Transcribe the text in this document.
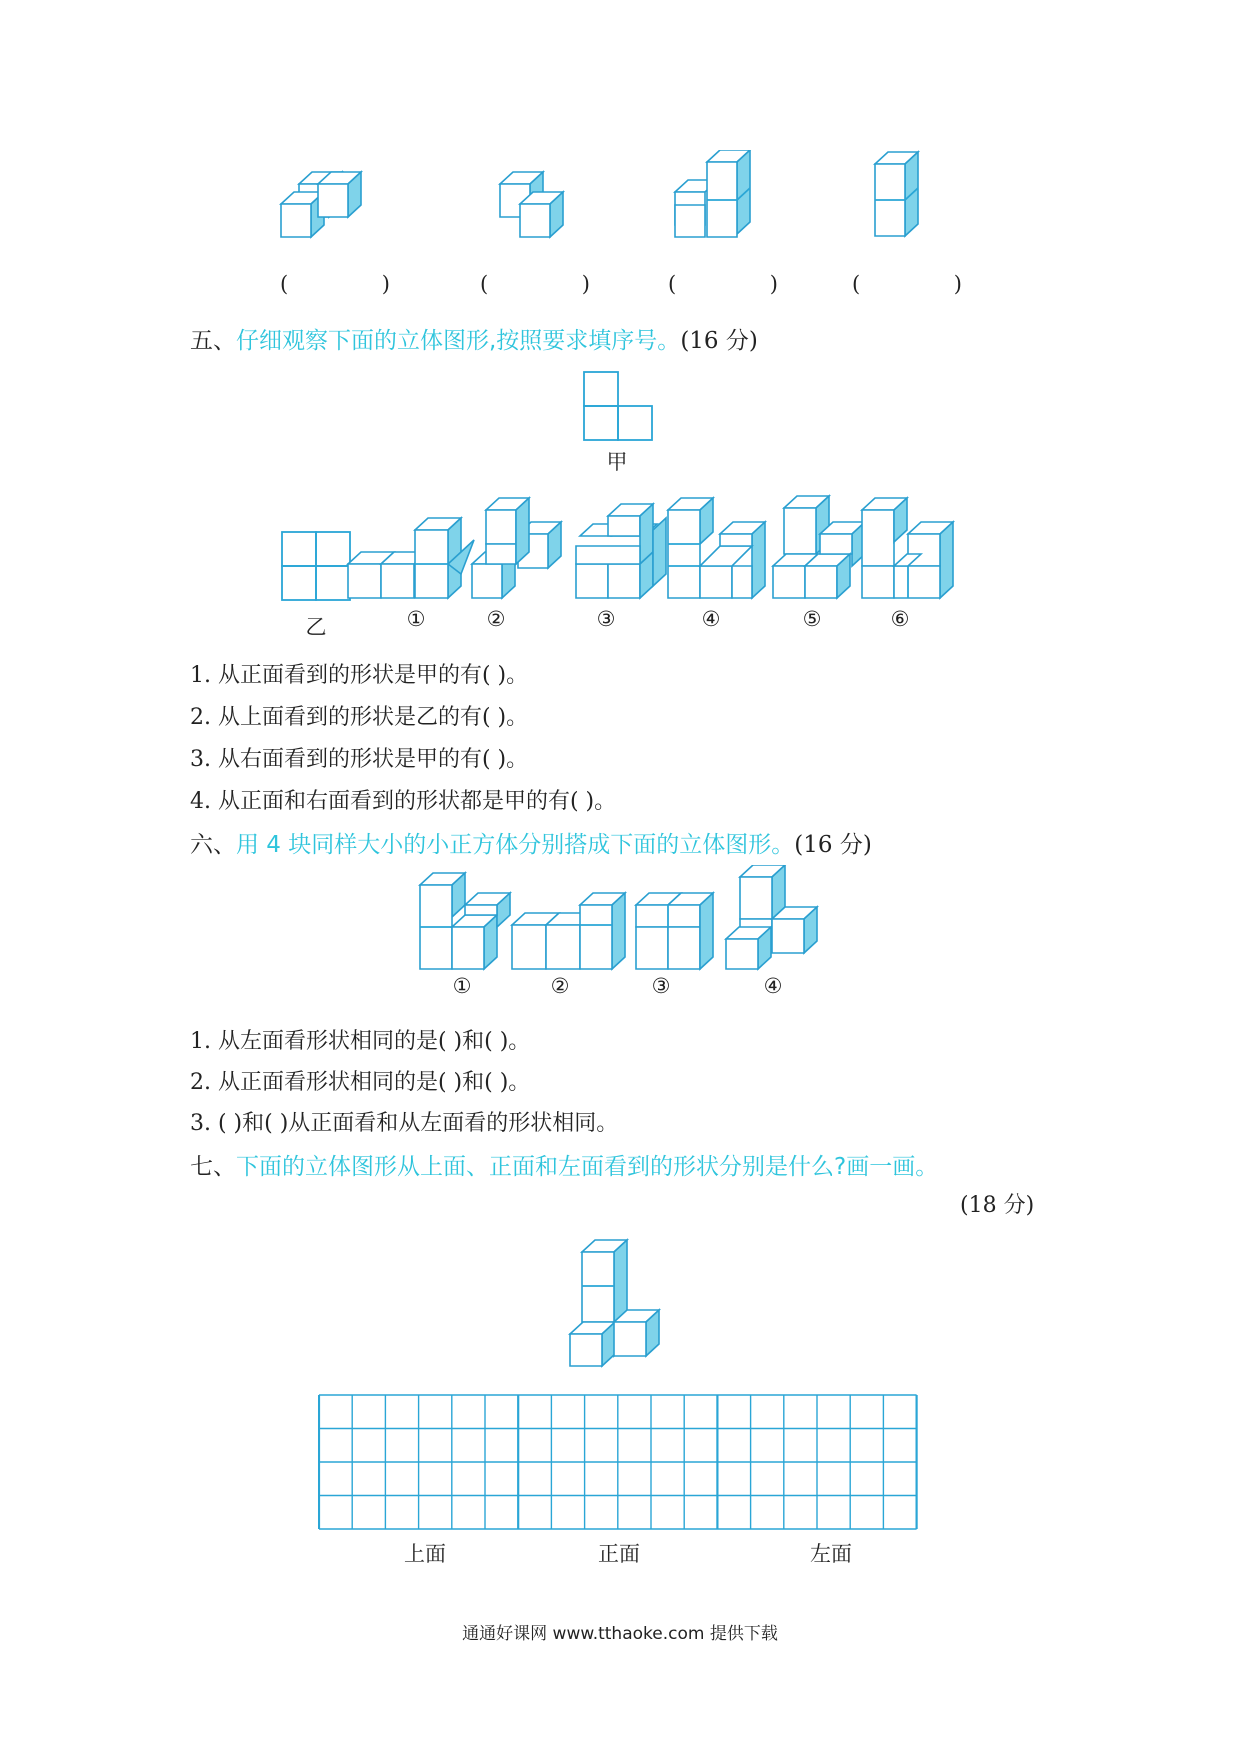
(	)	(	)	(	)	(	)
五、仔细观察下面的立体图形,按照要求填序号。(16 分)
甲
乙	①	②	③	④	⑤	⑥
1. 从正面看到的形状是甲的有( )。
2. 从上面看到的形状是乙的有( )。
3. 从右面看到的形状是甲的有( )。
4. 从正面和右面看到的形状都是甲的有( )。
六、用 4 块同样大小的小正方体分别搭成下面的立体图形。(16 分)
①	②	③	④
1. 从左面看形状相同的是( )和( )。
2. 从正面看形状相同的是( )和( )。
3. ( )和( )从正面看和从左面看的形状相同。
七、下面的立体图形从上面、正面和左面看到的形状分别是什么?画一画。
(18 分)
上面	正面	左面
通通好课网 www.tthaoke.com 提供下载
